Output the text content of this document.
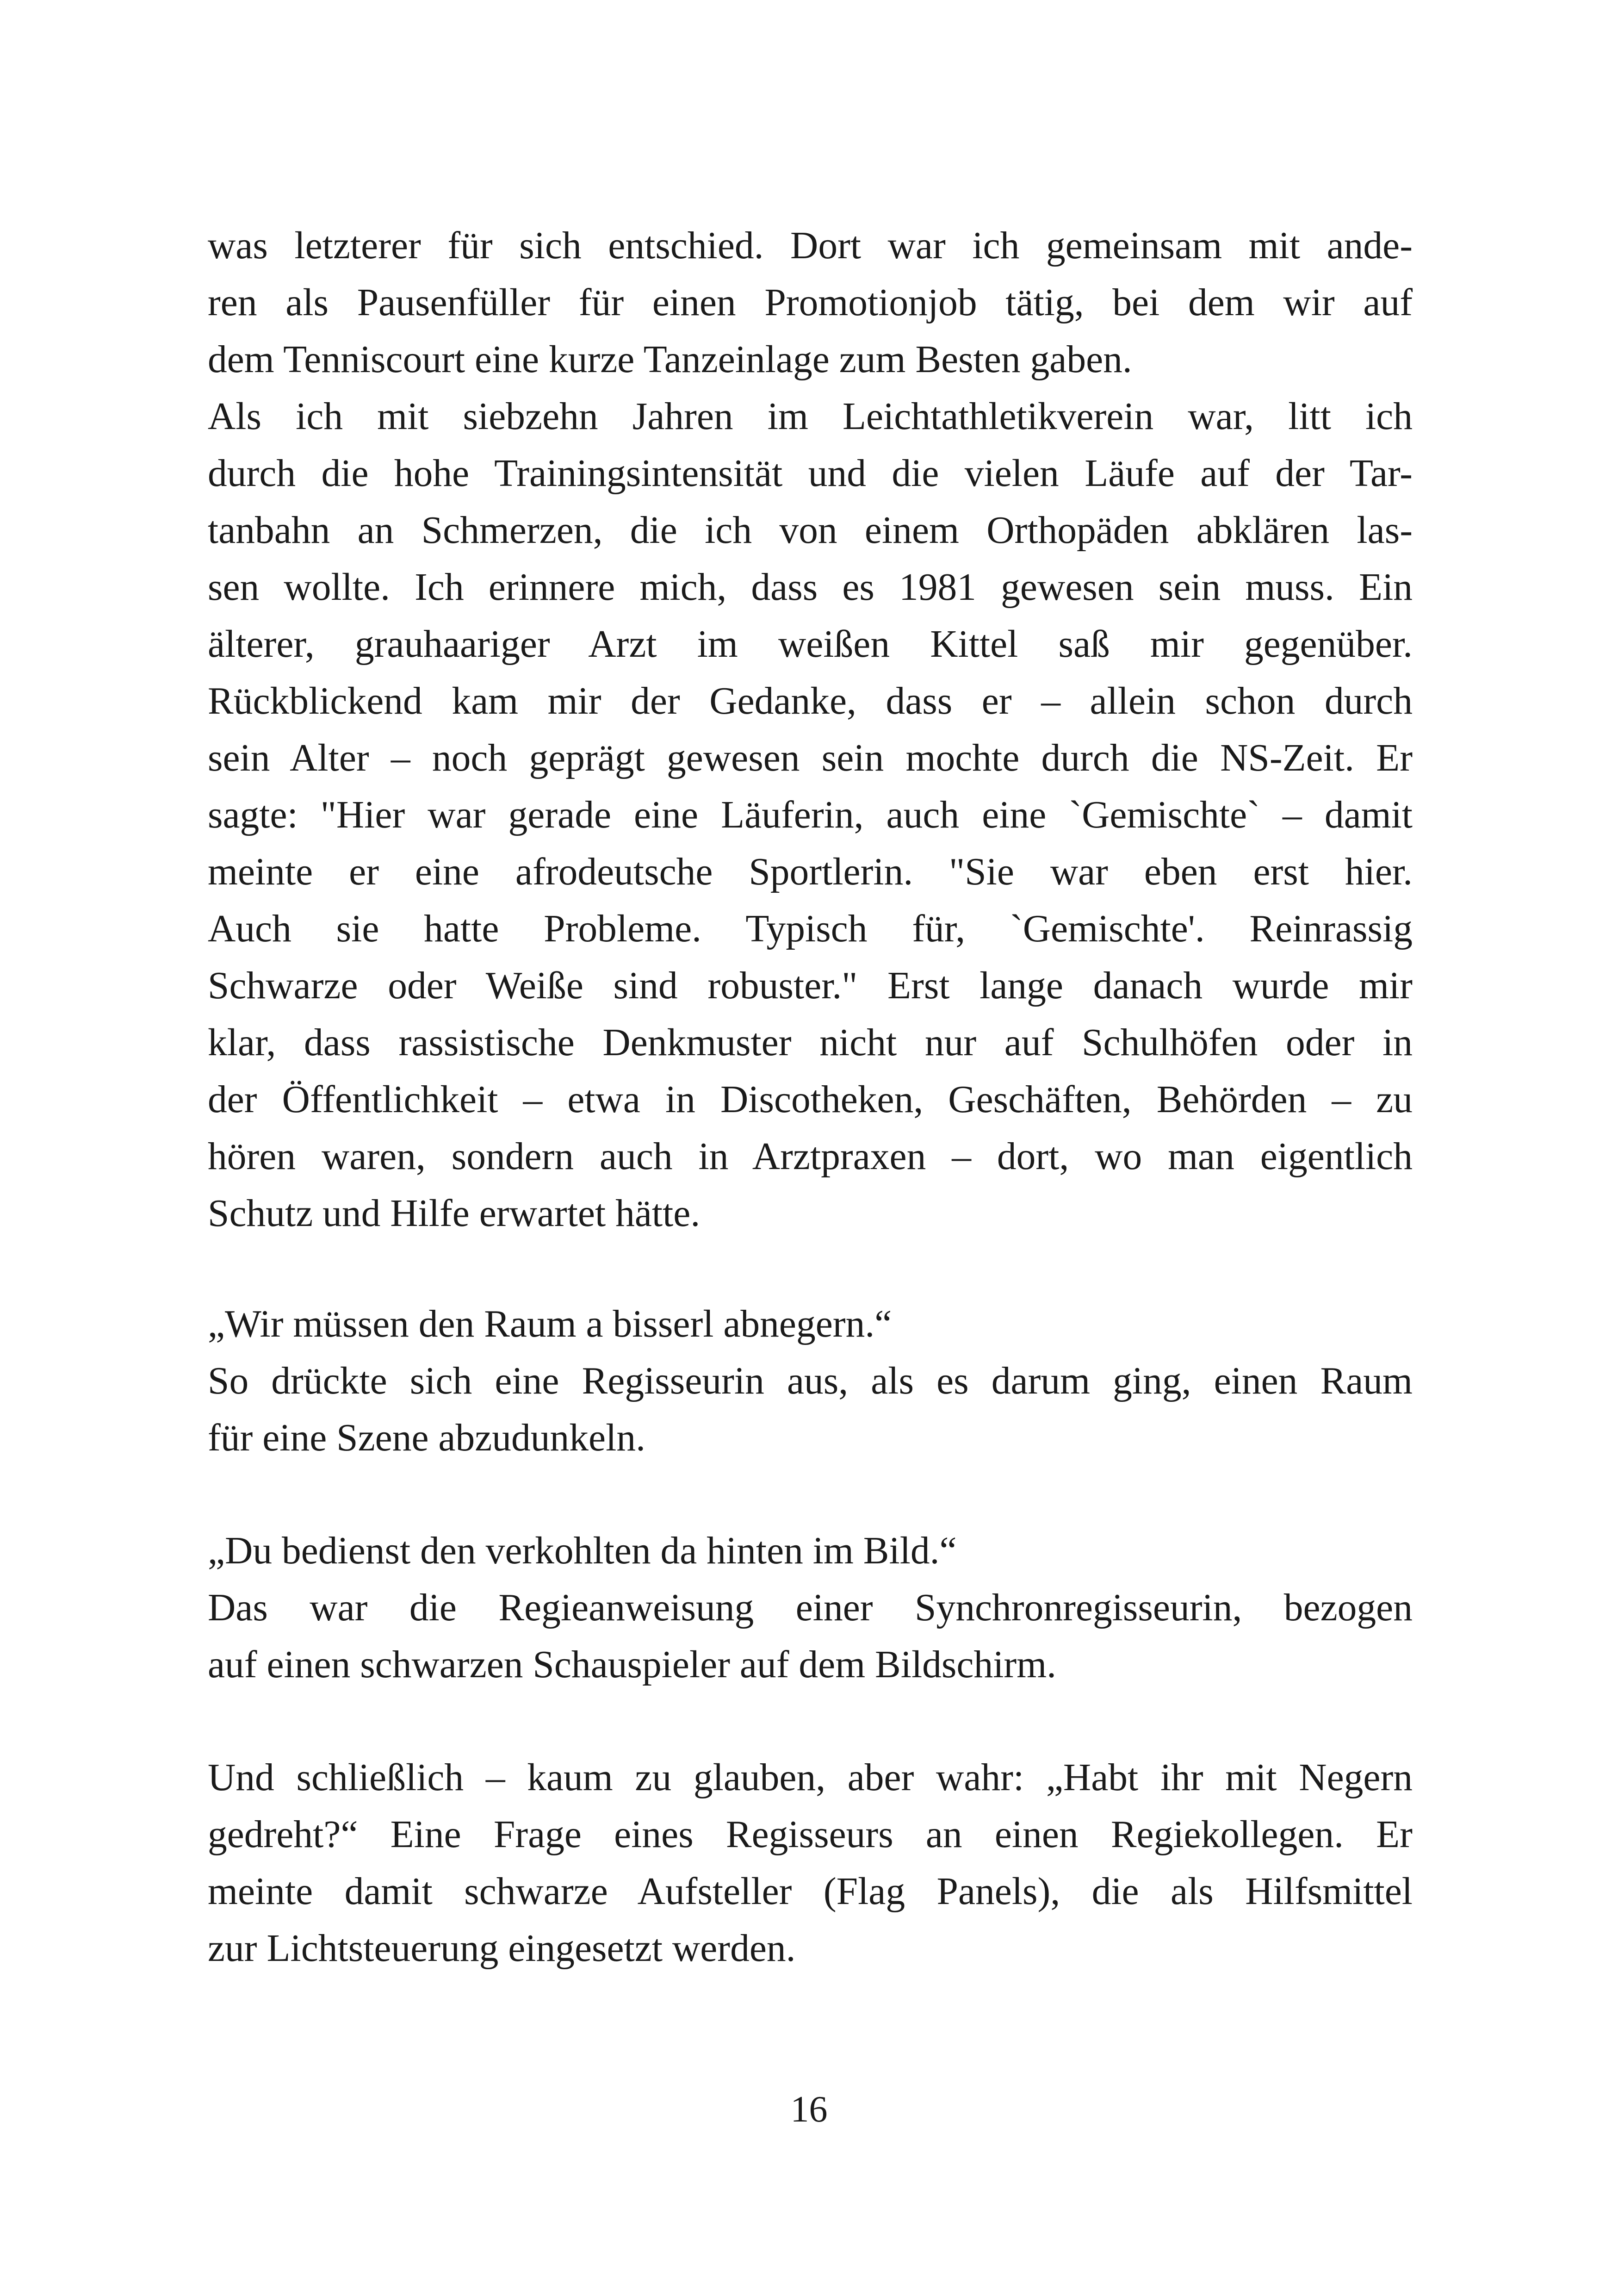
was letzterer für sich entschied. Dort war ich gemeinsam mit ande-
ren als Pausenfüller für einen Promotionjob tätig, bei dem wir auf
dem Tenniscourt eine kurze Tanzeinlage zum Besten gaben.

Als ich mit siebzehn Jahren im Leichtathletikverein war, litt ich
durch die hohe Trainingsintensität und die vielen Läufe auf der Tar-
tanbahn an Schmerzen, die ich von einem Orthopäden abklären las-
sen wollte. Ich erinnere mich, dass es 1981 gewesen sein muss. Ein
älterer, grauhaariger Arzt im weißen Kittel saß mir gegenüber.
Rückblickend kam mir der Gedanke, dass er – allein schon durch
sein Alter – noch geprägt gewesen sein mochte durch die NS-Zeit. Er
sagte: "Hier war gerade eine Läuferin, auch eine `Gemischte` – damit
meinte er eine afrodeutsche Sportlerin. "Sie war eben erst hier.
Auch sie hatte Probleme. Typisch für, `Gemischte'. Reinrassig
Schwarze oder Weiße sind robuster." Erst lange danach wurde mir
klar, dass rassistische Denkmuster nicht nur auf Schulhöfen oder in
der Öffentlichkeit – etwa in Discotheken, Geschäften, Behörden – zu
hören waren, sondern auch in Arztpraxen – dort, wo man eigentlich
Schutz und Hilfe erwartet hätte.

„Wir müssen den Raum a bisserl abnegern.“
So drückte sich eine Regisseurin aus, als es darum ging, einen Raum
für eine Szene abzudunkeln.
„Du bedienst den verkohlten da hinten im Bild.“
Das war die Regieanweisung einer Synchronregisseurin, bezogen
auf einen schwarzen Schauspieler auf dem Bildschirm.
Und schließlich – kaum zu glauben, aber wahr: „Habt ihr mit Negern
gedreht?“ Eine Frage eines Regisseurs an einen Regiekollegen. Er
meinte damit schwarze Aufsteller (Flag Panels), die als Hilfsmittel
zur Lichtsteuerung eingesetzt werden.
16
